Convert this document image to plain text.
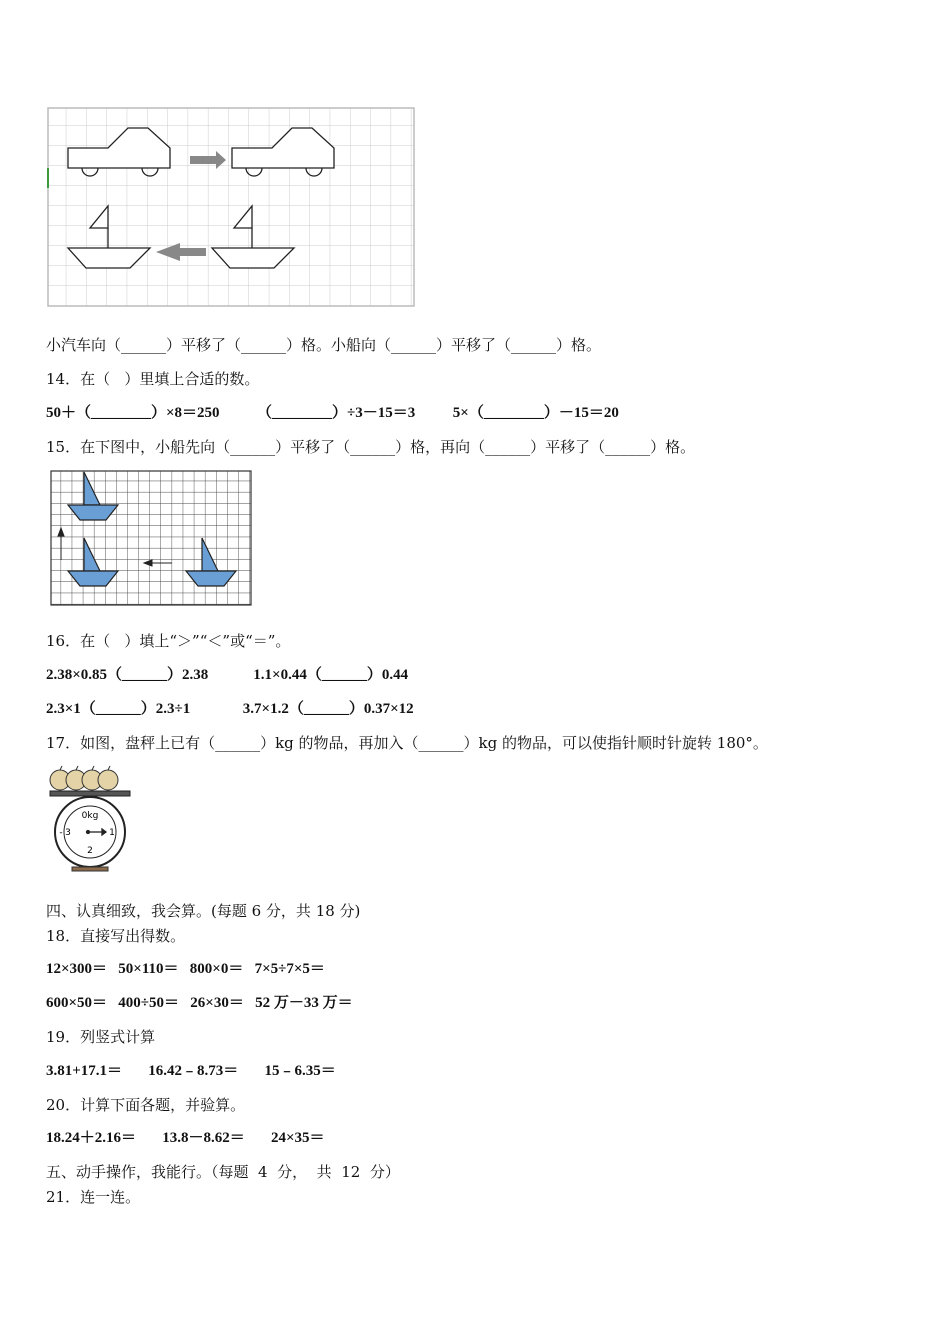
小汽车向（______）平移了（______）格。小船向（______）平移了（______）格。
14．在（   ）里填上合适的数。
50＋（________）×8＝250          （________）÷3－15＝3          5×（________）－15＝20
15．在下图中，小船先向（______）平移了（______）格，再向（______）平移了（______）格。
16．在（   ）填上“＞”“＜”或“＝”。
2.38×0.85（______）2.38            1.1×0.44（______）0.44
2.3×1（______）2.3÷1              3.7×1.2（______）0.37×12
17．如图，盘秤上已有（______）kg 的物品，再加入（______）kg 的物品，可以使指针顺时针旋转 180°。
0kg
1
2
3
-
四、认真细致，我会算。(每题 6 分，共 18 分)
18．直接写出得数。
12×300＝   50×110＝   800×0＝   7×5÷7×5＝
600×50＝   400÷50＝   26×30＝   52 万－33 万＝
19．列竖式计算
3.81+17.1＝       16.42﹣8.73＝       15﹣6.35＝
20．计算下面各题，并验算。
18.24＋2.16＝       13.8－8.62＝       24×35＝
五、动手操作，我能行。（每题  4  分，  共  12  分）
21．连一连。
